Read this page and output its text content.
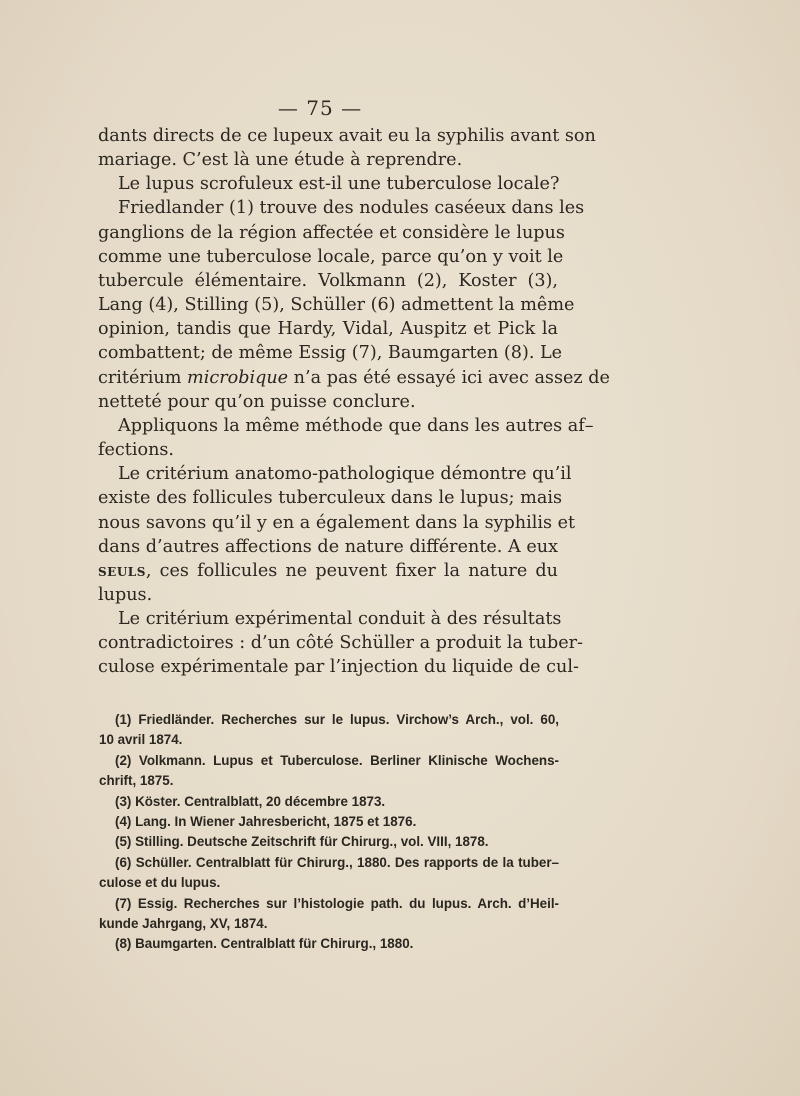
— 75 —
dants directs de ce lupeux avait eu la syphilis avant son
mariage. C’est là une étude à reprendre.
Le lupus scrofuleux est-il une tuberculose locale?
Friedlander (1) trouve des nodules caséeux dans les
ganglions de la région affectée et considère le lupus
comme une tuberculose locale, parce qu’on y voit le
tubercule élémentaire. Volkmann (2), Koster (3),
Lang (4), Stilling (5), Schüller (6) admettent la même
opinion, tandis que Hardy, Vidal, Auspitz et Pick la
combattent; de même Essig (7), Baumgarten (8). Le
critérium microbique n’a pas été essayé ici avec assez de
netteté pour qu’on puisse conclure.
Appliquons la même méthode que dans les autres af–
fections.
Le critérium anatomo-pathologique démontre qu’il
existe des follicules tuberculeux dans le lupus; mais
nous savons qu’il y en a également dans la syphilis et
dans d’autres affections de nature différente. A eux
seuls, ces follicules ne peuvent fixer la nature du
lupus.
Le critérium expérimental conduit à des résultats
contradictoires : d’un côté Schüller a produit la tuber-
culose expérimentale par l’injection du liquide de cul-
(1) Friedländer. Recherches sur le lupus. Virchow’s Arch., vol. 60,
10 avril 1874.
(2) Volkmann. Lupus et Tuberculose. Berliner Klinische Wochens-
chrift, 1875.
(3) Köster. Centralblatt, 20 décembre 1873.
(4) Lang. In Wiener Jahresbericht, 1875 et 1876.
(5) Stilling. Deutsche Zeitschrift für Chirurg., vol. VIII, 1878.
(6) Schüller. Centralblatt für Chirurg., 1880. Des rapports de la tuber–
culose et du lupus.
(7) Essig. Recherches sur l’histologie path. du lupus. Arch. d’Heil-
kunde Jahrgang, XV, 1874.
(8) Baumgarten. Centralblatt für Chirurg., 1880.
